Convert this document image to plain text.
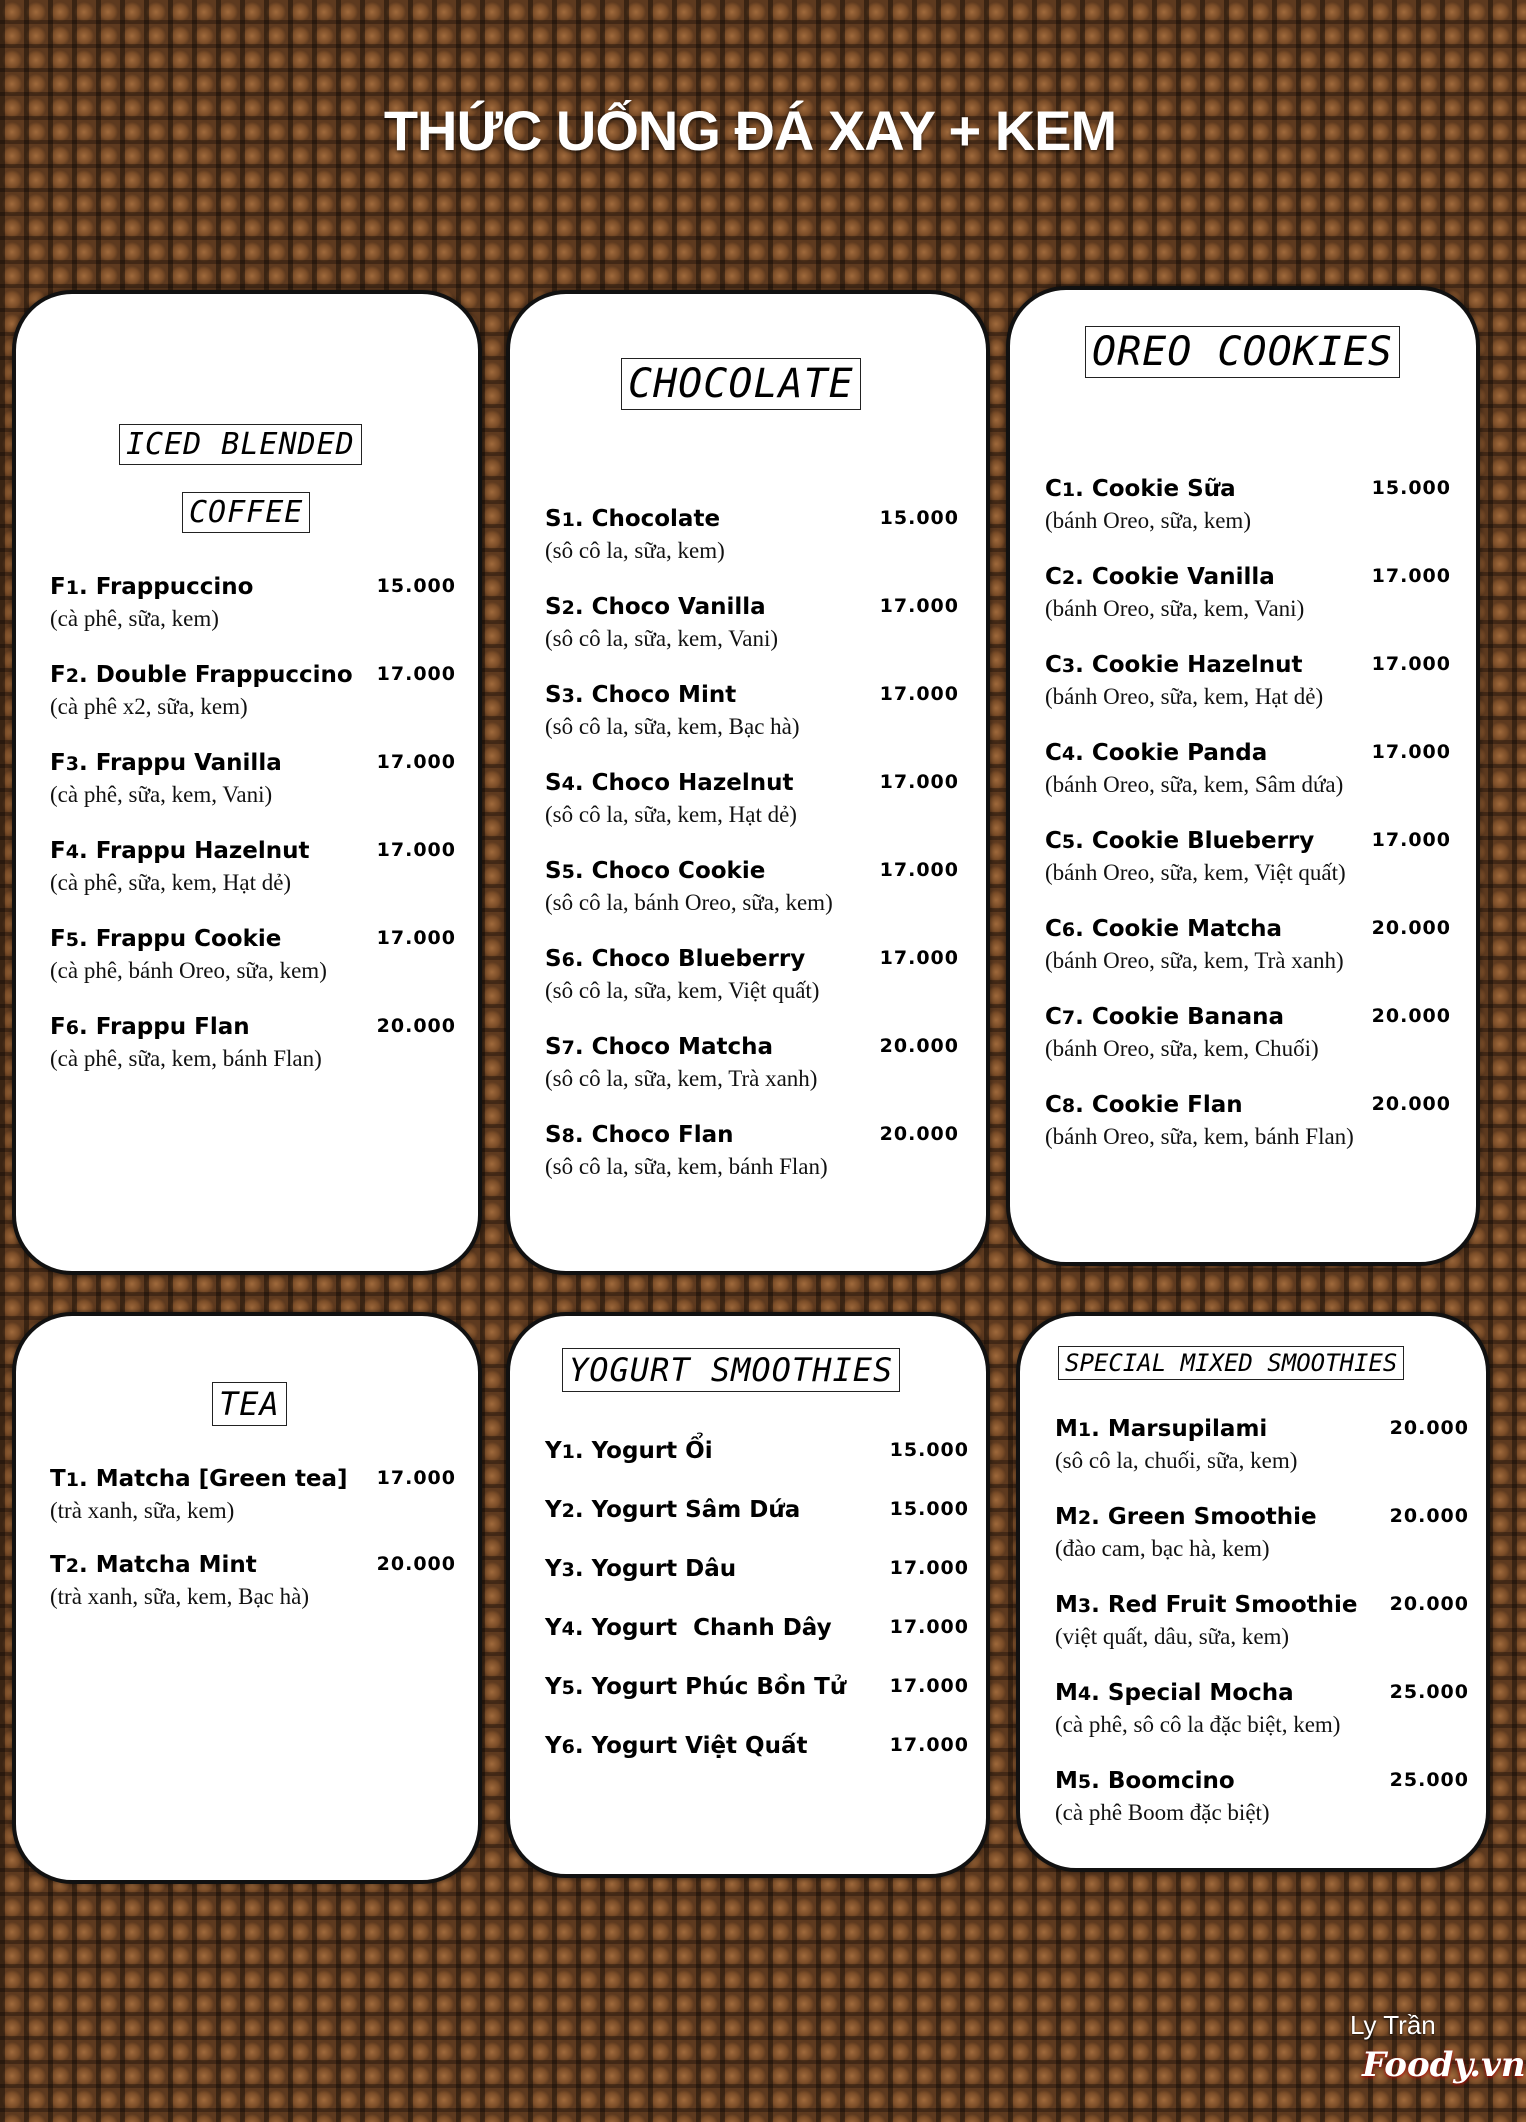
THỨC UỐNG ĐÁ XAY + KEM
ICED BLENDED
COFFEE
F1. Frappuccino	15.000
(cà phê, sữa, kem)
F2. Double Frappuccino 17.000
(cà phê x2, sữa, kem)
F3. Frappu Vanilla	17.000
(cà phê, sữa, kem, Vani)
F4. Frappu Hazelnut	17.000
(cà phê, sữa, kem, Hạt dẻ)
F5. Frappu Cookie	17.000
(cà phê, bánh Oreo, sữa, kem)
F6. Frappu Flan	20.000
(cà phê, sữa, kem, bánh Flan)
CHOCOLATE
S1. Chocolate	15.000
(sô cô la, sữa, kem)
S2. Choco Vanilla	17.000
(sô cô la, sữa, kem, Vani)
S3. Choco Mint	17.000
(sô cô la, sữa, kem, Bạc hà)
S4. Choco Hazelnut	17.000
(sô cô la, sữa, kem, Hạt dẻ)
S5. Choco Cookie	17.000
(sô cô la, bánh Oreo, sữa, kem)
S6. Choco Blueberry	17.000
(sô cô la, sữa, kem, Việt quất)
S7. Choco Matcha	20.000
(sô cô la, sữa, kem, Trà xanh)
S8. Choco Flan	20.000
(sô cô la, sữa, kem, bánh Flan)
OREO COOKIES
C1. Cookie Sữa	15.000
(bánh Oreo, sữa, kem)
C2. Cookie Vanilla	17.000
(bánh Oreo, sữa, kem, Vani)
C3. Cookie Hazelnut	17.000
(bánh Oreo, sữa, kem, Hạt dẻ)
C4. Cookie Panda	17.000
(bánh Oreo, sữa, kem, Sâm dứa)
C5. Cookie Blueberry	17.000
(bánh Oreo, sữa, kem, Việt quất)
C6. Cookie Matcha	20.000
(bánh Oreo, sữa, kem, Trà xanh)
C7. Cookie Banana	20.000
(bánh Oreo, sữa, kem, Chuối)
C8. Cookie Flan	20.000
(bánh Oreo, sữa, kem, bánh Flan)
TEA
T1. Matcha [Green tea] 17.000
(trà xanh, sữa, kem)
T2. Matcha Mint	20.000
(trà xanh, sữa, kem, Bạc hà)
YOGURT SMOOTHIES
Y1. Yogurt Ổi	15.000
Y2. Yogurt Sâm Dứa	15.000
Y3. Yogurt Dâu	17.000
Y4. Yogurt  Chanh Dây	17.000
Y5. Yogurt Phúc Bồn Tử 17.000
Y6. Yogurt Việt Quất	17.000
SPECIAL MIXED SMOOTHIES
M1. Marsupilami	20.000
(sô cô la, chuối, sữa, kem)
M2. Green Smoothie	20.000
(đào cam, bạc hà, kem)
M3. Red Fruit Smoothie 20.000
(việt quất, dâu, sữa, kem)
M4. Special Mocha	25.000
(cà phê, sô cô la đặc biệt, kem)
M5. Boomcino	25.000
(cà phê Boom đặc biệt)
Ly Trần
Foody.vn
